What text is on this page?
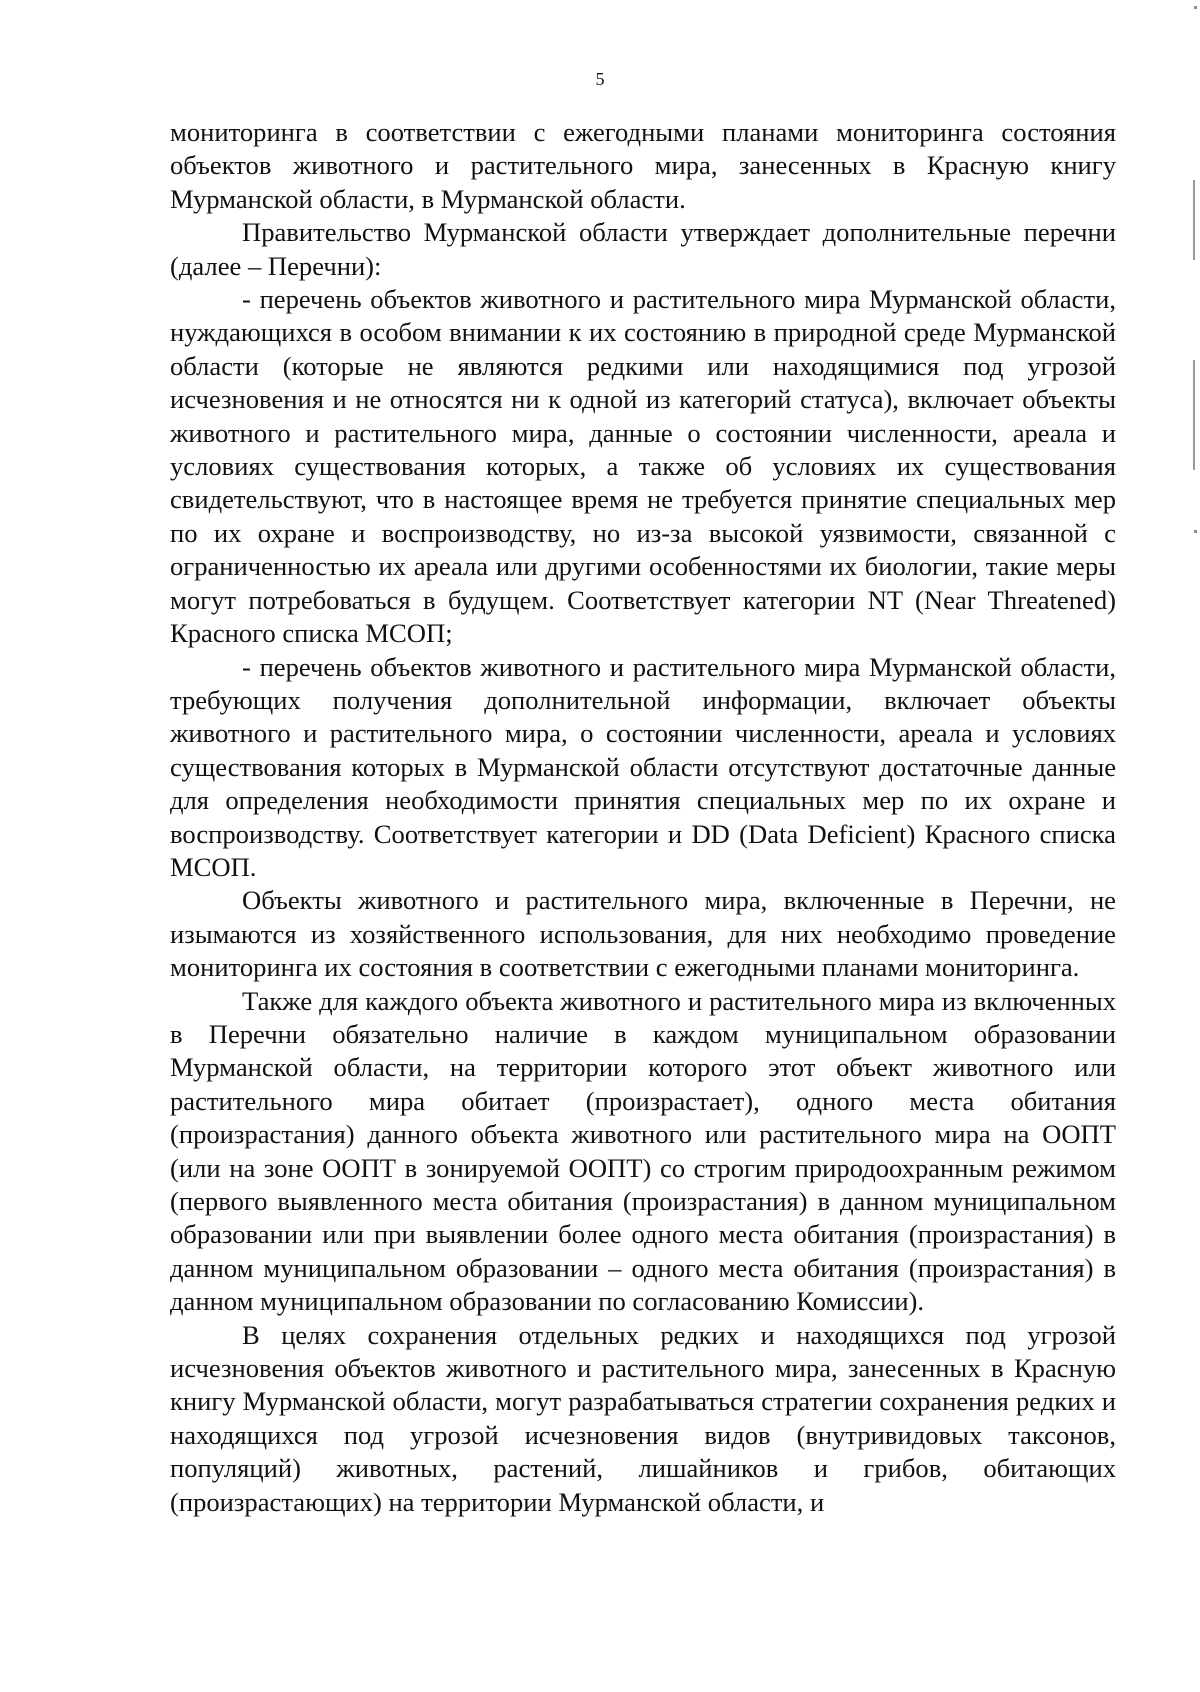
5

мониторинга в соответствии с ежегодными планами мониторинга состояния объектов животного и растительного мира, занесенных в Красную книгу Мурманской области, в Мурманской области.

Правительство Мурманской области утверждает дополнительные перечни (далее – Перечни):

- перечень объектов животного и растительного мира Мурманской области, нуждающихся в особом внимании к их состоянию в природной среде Мурманской области (которые не являются редкими или находящимися под угрозой исчезновения и не относятся ни к одной из категорий статуса), включает объекты животного и растительного мира, данные о состоянии численности, ареала и условиях существования которых, а также об условиях их существования свидетельствуют, что в настоящее время не требуется принятие специальных мер по их охране и воспроизводству, но из-за высокой уязвимости, связанной с ограниченностью их ареала или другими особенностями их биологии, такие меры могут потребоваться в будущем. Соответствует категории NT (Near Threatened) Красного списка МСОП;

- перечень объектов животного и растительного мира Мурманской области, требующих получения дополнительной информации, включает объекты животного и растительного мира, о состоянии численности, ареала и условиях существования которых в Мурманской области отсутствуют достаточные данные для определения необходимости принятия специальных мер по их охране и воспроизводству. Соответствует категории и DD (Data Deficient) Красного списка МСОП.

Объекты животного и растительного мира, включенные в Перечни, не изымаются из хозяйственного использования, для них необходимо проведение мониторинга их состояния в соответствии с ежегодными планами мониторинга.

Также для каждого объекта животного и растительного мира из включенных в Перечни обязательно наличие в каждом муниципальном образовании Мурманской области, на территории которого этот объект животного или растительного мира обитает (произрастает), одного места обитания (произрастания) данного объекта животного или растительного мира на ООПТ (или на зоне ООПТ в зонируемой ООПТ) со строгим природоохранным режимом (первого выявленного места обитания (произрастания) в данном муниципальном образовании или при выявлении более одного места обитания (произрастания) в данном муниципальном образовании – одного места обитания (произрастания) в данном муниципальном образовании по согласованию Комиссии).

В целях сохранения отдельных редких и находящихся под угрозой исчезновения объектов животного и растительного мира, занесенных в Красную книгу Мурманской области, могут разрабатываться стратегии сохранения редких и находящихся под угрозой исчезновения видов (внутривидовых таксонов, популяций) животных, растений, лишайников и грибов, обитающих (произрастающих) на территории Мурманской области, и
